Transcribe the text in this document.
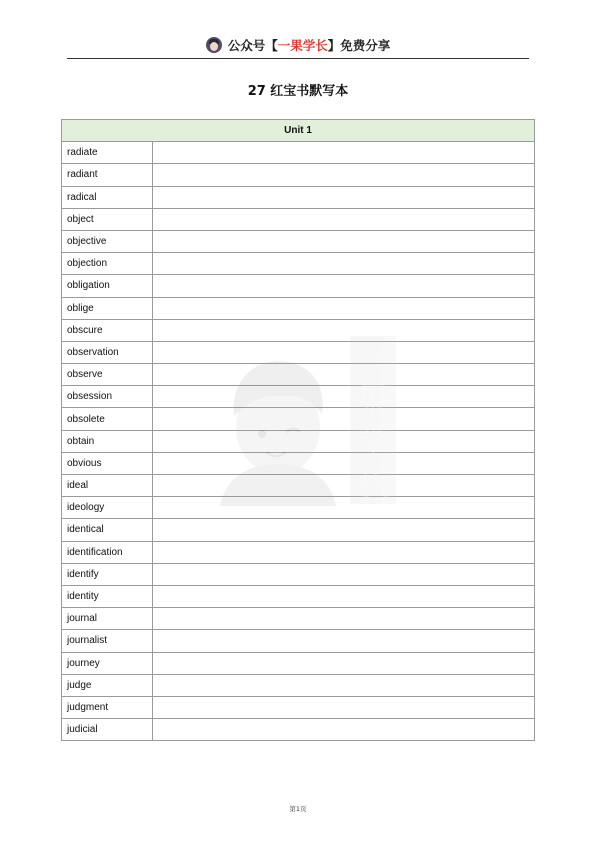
公众号 【 一果学长 】 免费分享
27 红宝书默写本
Unit 1	
radiate	
radiant	
radical	
object	
objective	
objection	
obligation	
oblige	
obscure	
observation	
observe	
obsession	
obsolete	
obtain	
obvious	
ideal	
ideology	
identical	
identification	
identify	
identity	
journal	
journalist	
journey	
judge	
judgment	
judicial	
一
果
学
长
第1页
